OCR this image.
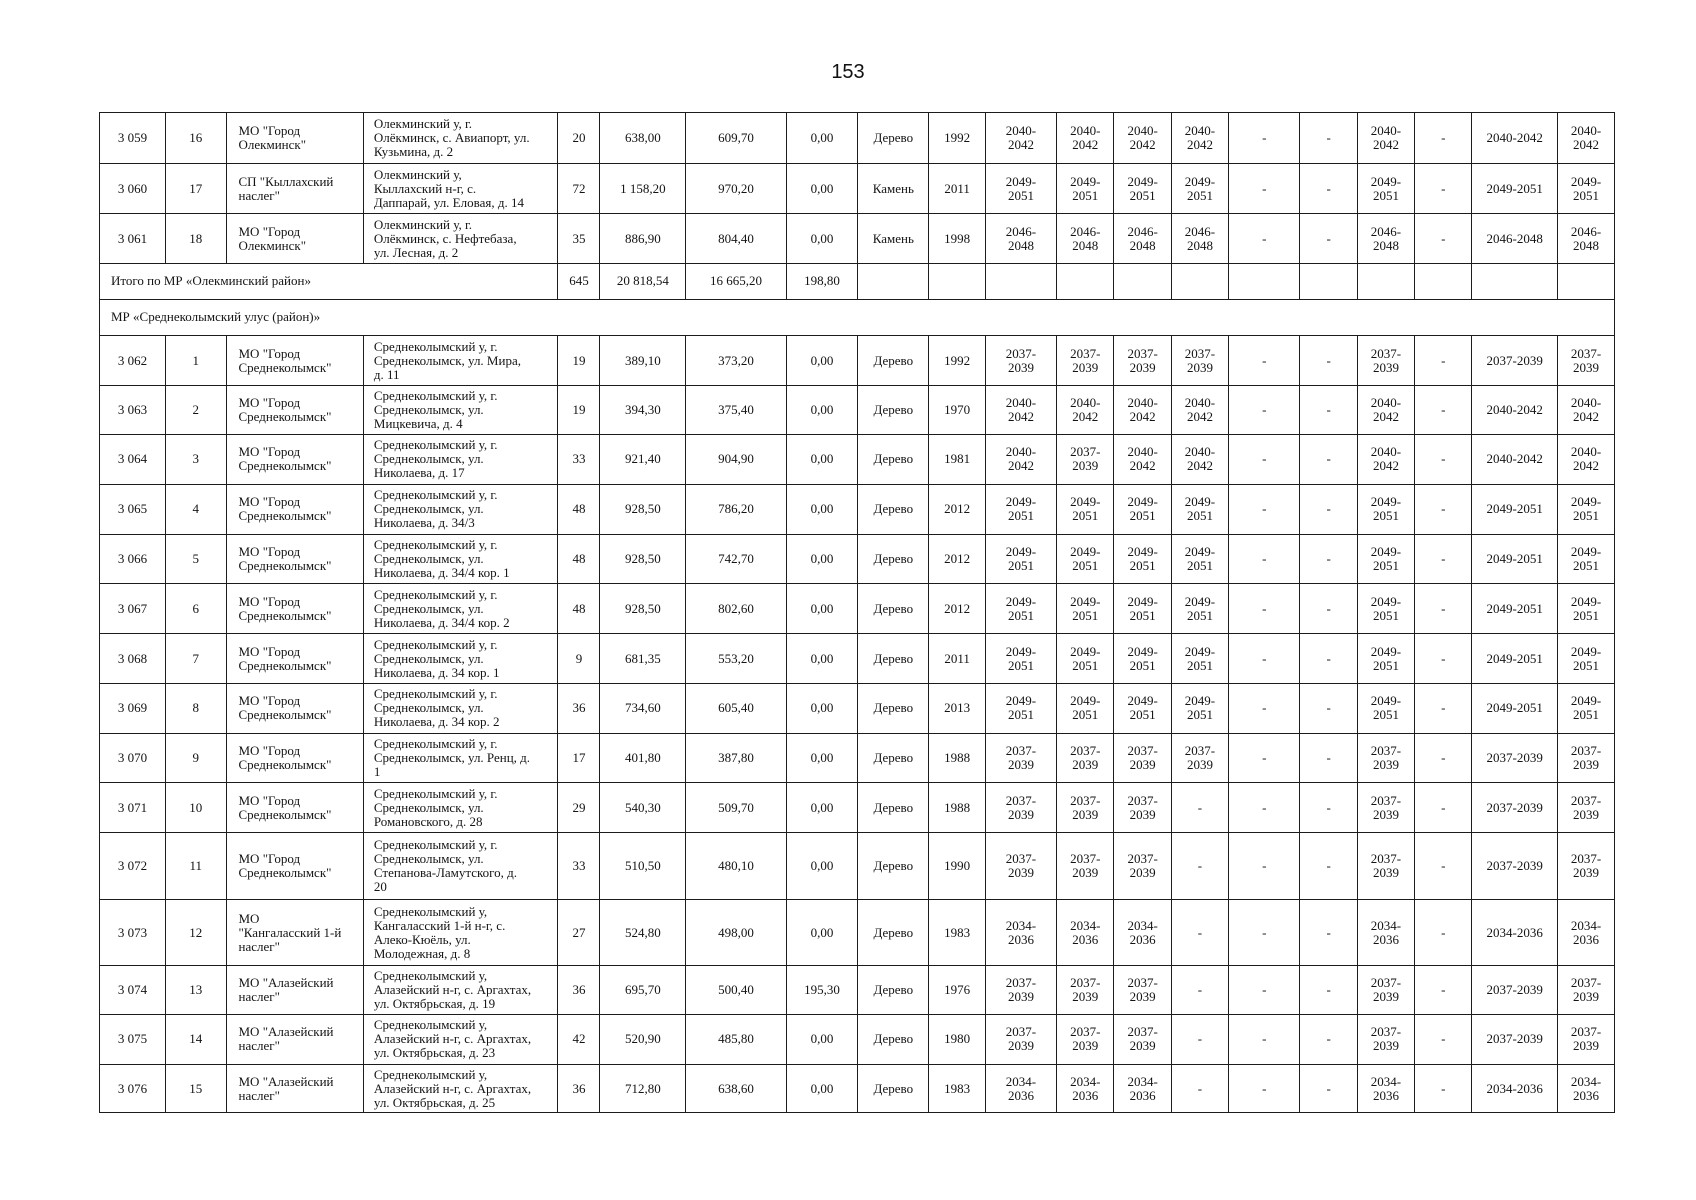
153
3 059	16	МО "Город
Олекминск"	Олекминский у, г.
Олёкминск, с. Авиапорт, ул.
Кузьмина, д. 2	20	638,00	609,70	0,00	Дерево	1992	2040-2042	2040-2042	2040-2042	2040-2042	-	-	2040-2042	-	2040-2042	2040-2042
3 060	17	СП "Кыллахский
наслег"	Олекминский у,
Кыллахский н-г, с.
Даппарай, ул. Еловая, д. 14	72	1 158,20	970,20	0,00	Камень	2011	2049-2051	2049-2051	2049-2051	2049-2051	-	-	2049-2051	-	2049-2051	2049-2051
3 061	18	МО "Город
Олекминск"	Олекминский у, г.
Олёкминск, с. Нефтебаза,
ул. Лесная, д. 2	35	886,90	804,40	0,00	Камень	1998	2046-2048	2046-2048	2046-2048	2046-2048	-	-	2046-2048	-	2046-2048	2046-2048
Итого по МР «Олекминский район»				645	20 818,54	16 665,20	198,80												
МР «Среднеколымский улус (район)»																			
3 062	1	МО "Город
Среднеколымск"	Среднеколымский у, г.
Среднеколымск, ул. Мира,
д. 11	19	389,10	373,20	0,00	Дерево	1992	2037-2039	2037-2039	2037-2039	2037-2039	-	-	2037-2039	-	2037-2039	2037-2039
3 063	2	МО "Город
Среднеколымск"	Среднеколымский у, г.
Среднеколымск, ул.
Мицкевича, д. 4	19	394,30	375,40	0,00	Дерево	1970	2040-2042	2040-2042	2040-2042	2040-2042	-	-	2040-2042	-	2040-2042	2040-2042
3 064	3	МО "Город
Среднеколымск"	Среднеколымский у, г.
Среднеколымск, ул.
Николаева, д. 17	33	921,40	904,90	0,00	Дерево	1981	2040-2042	2037-2039	2040-2042	2040-2042	-	-	2040-2042	-	2040-2042	2040-2042
3 065	4	МО "Город
Среднеколымск"	Среднеколымский у, г.
Среднеколымск, ул.
Николаева, д. 34/3	48	928,50	786,20	0,00	Дерево	2012	2049-2051	2049-2051	2049-2051	2049-2051	-	-	2049-2051	-	2049-2051	2049-2051
3 066	5	МО "Город
Среднеколымск"	Среднеколымский у, г.
Среднеколымск, ул.
Николаева, д. 34/4 кор. 1	48	928,50	742,70	0,00	Дерево	2012	2049-2051	2049-2051	2049-2051	2049-2051	-	-	2049-2051	-	2049-2051	2049-2051
3 067	6	МО "Город
Среднеколымск"	Среднеколымский у, г.
Среднеколымск, ул.
Николаева, д. 34/4 кор. 2	48	928,50	802,60	0,00	Дерево	2012	2049-2051	2049-2051	2049-2051	2049-2051	-	-	2049-2051	-	2049-2051	2049-2051
3 068	7	МО "Город
Среднеколымск"	Среднеколымский у, г.
Среднеколымск, ул.
Николаева, д. 34 кор. 1	9	681,35	553,20	0,00	Дерево	2011	2049-2051	2049-2051	2049-2051	2049-2051	-	-	2049-2051	-	2049-2051	2049-2051
3 069	8	МО "Город
Среднеколымск"	Среднеколымский у, г.
Среднеколымск, ул.
Николаева, д. 34 кор. 2	36	734,60	605,40	0,00	Дерево	2013	2049-2051	2049-2051	2049-2051	2049-2051	-	-	2049-2051	-	2049-2051	2049-2051
3 070	9	МО "Город
Среднеколымск"	Среднеколымский у, г.
Среднеколымск, ул. Ренц, д.
1	17	401,80	387,80	0,00	Дерево	1988	2037-2039	2037-2039	2037-2039	2037-2039	-	-	2037-2039	-	2037-2039	2037-2039
3 071	10	МО "Город
Среднеколымск"	Среднеколымский у, г.
Среднеколымск, ул.
Романовского, д. 28	29	540,30	509,70	0,00	Дерево	1988	2037-2039	2037-2039	2037-2039	-	-	-	2037-2039	-	2037-2039	2037-2039
3 072	11	МО "Город
Среднеколымск"	Среднеколымский у, г.
Среднеколымск, ул.
Степанова-Ламутского, д.
20	33	510,50	480,10	0,00	Дерево	1990	2037-2039	2037-2039	2037-2039	-	-	-	2037-2039	-	2037-2039	2037-2039
3 073	12	МО
"Кангаласский 1-й
наслег"	Среднеколымский у,
Кангаласский 1-й н-г, с.
Алеко-Кюёль, ул.
Молодежная, д. 8	27	524,80	498,00	0,00	Дерево	1983	2034-2036	2034-2036	2034-2036	-	-	-	2034-2036	-	2034-2036	2034-2036
3 074	13	МО "Алазейский
наслег"	Среднеколымский у,
Алазейский н-г, с. Аргахтах,
ул. Октябрьская, д. 19	36	695,70	500,40	195,30	Дерево	1976	2037-2039	2037-2039	2037-2039	-	-	-	2037-2039	-	2037-2039	2037-2039
3 075	14	МО "Алазейский
наслег"	Среднеколымский у,
Алазейский н-г, с. Аргахтах,
ул. Октябрьская, д. 23	42	520,90	485,80	0,00	Дерево	1980	2037-2039	2037-2039	2037-2039	-	-	-	2037-2039	-	2037-2039	2037-2039
3 076	15	МО "Алазейский
наслег"	Среднеколымский у,
Алазейский н-г, с. Аргахтах,
ул. Октябрьская, д. 25	36	712,80	638,60	0,00	Дерево	1983	2034-2036	2034-2036	2034-2036	-	-	-	2034-2036	-	2034-2036	2034-2036
